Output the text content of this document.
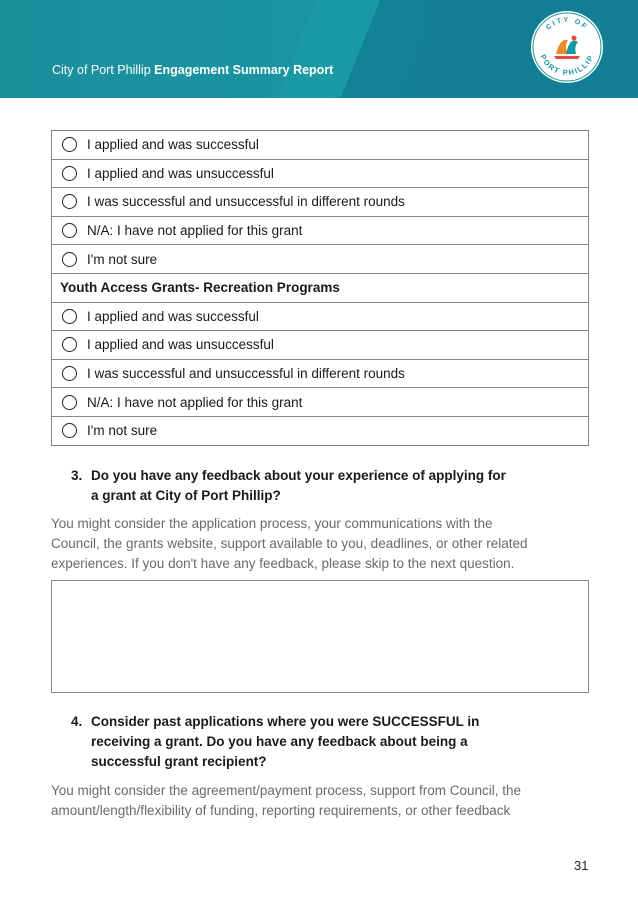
City of Port Phillip Engagement Summary Report
CITY OF
PORT PHILLIP
I applied and was successful
I applied and was unsuccessful
I was successful and unsuccessful in different rounds
N/A: I have not applied for this grant
I'm not sure
Youth Access Grants- Recreation Programs
I applied and was successful
I applied and was unsuccessful
I was successful and unsuccessful in different rounds
N/A: I have not applied for this grant
I'm not sure
3. Do you have any feedback about your experience of applying for
a grant at City of Port Phillip?
You might consider the application process, your communications with the
Council, the grants website, support available to you, deadlines, or other related
experiences. If you don't have any feedback, please skip to the next question.
4. Consider past applications where you were SUCCESSFUL in
receiving a grant. Do you have any feedback about being a
successful grant recipient?
You might consider the agreement/payment process, support from Council, the
amount/length/flexibility of funding, reporting requirements, or other feedback
31
